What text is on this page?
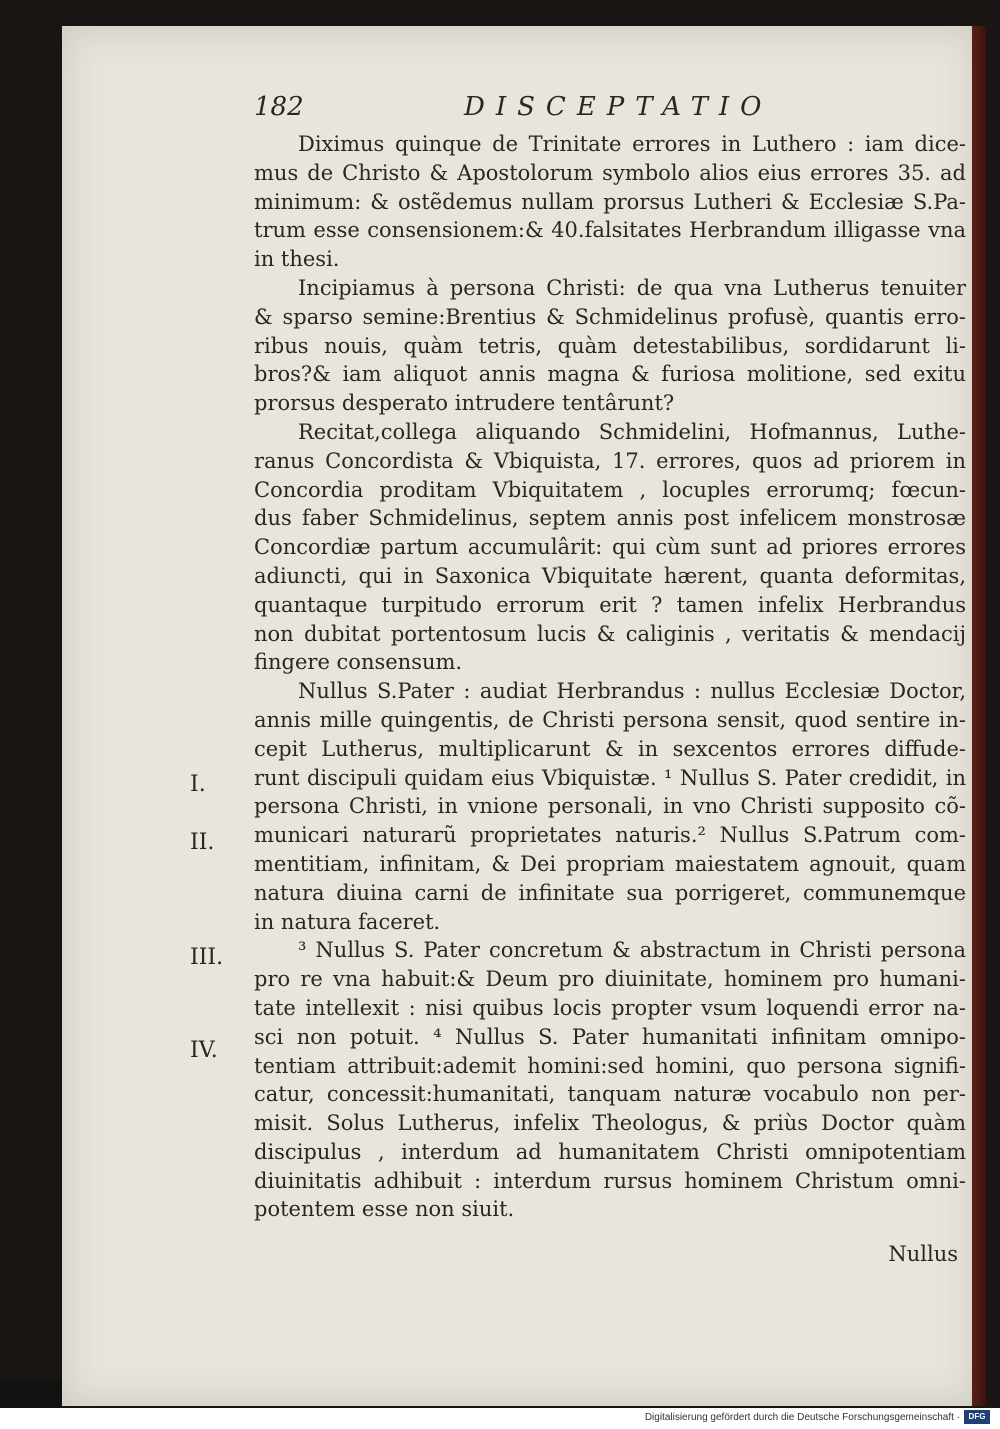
182	DISCEPTATIO
Diximus quinque de Trinitate errores in Luthero : iam dice-
mus de Christo & Apostolorum symbolo alios eius errores 35. ad
minimum: & ostẽdemus nullam prorsus Lutheri & Ecclesiæ S.Pa-
trum esse consensionem:& 40.falsitates Herbrandum illigasse vna
in thesi.
Incipiamus à persona Christi: de qua vna Lutherus tenuiter
& sparso semine:Brentius & Schmidelinus profusè, quantis erro-
ribus nouis, quàm tetris, quàm detestabilibus, sordidarunt li-
bros?& iam aliquot annis magna & furiosa molitione, sed exitu
prorsus desperato intrudere tentârunt?
Recitat,collega aliquando Schmidelini, Hofmannus, Luthe-
ranus Concordista & Vbiquista, 17. errores, quos ad priorem in
Concordia proditam Vbiquitatem , locuples errorumq; fœcun-
dus faber Schmidelinus, septem annis post infelicem monstrosæ
Concordiæ partum accumulârit: qui cùm sunt ad priores errores
adiuncti, qui in Saxonica Vbiquitate hærent, quanta deformitas,
quantaque turpitudo errorum erit ? tamen infelix Herbrandus
non dubitat portentosum lucis & caliginis , veritatis & mendacij
fingere consensum.
Nullus S.Pater : audiat Herbrandus : nullus Ecclesiæ Doctor,
annis mille quingentis, de Christi persona sensit, quod sentire in-
cepit Lutherus, multiplicarunt & in sexcentos errores diffude-
runt discipuli quidam eius Vbiquistæ. ¹ Nullus S. Pater credidit, in
persona Christi, in vnione personali, in vno Christi supposito cõ-
municari naturarũ proprietates naturis.² Nullus S.Patrum com-
mentitiam, infinitam, & Dei propriam maiestatem agnouit, quam
natura diuina carni de infinitate sua porrigeret, communemque
in natura faceret.
³ Nullus S. Pater concretum & abstractum in Christi persona
pro re vna habuit:& Deum pro diuinitate, hominem pro humani-
tate intellexit : nisi quibus locis propter vsum loquendi error na-
sci non potuit. ⁴ Nullus S. Pater humanitati infinitam omnipo-
tentiam attribuit:ademit homini:sed homini, quo persona signifi-
catur, concessit:humanitati, tanquam naturæ vocabulo non per-
misit. Solus Lutherus, infelix Theologus, & priùs Doctor quàm
discipulus , interdum ad humanitatem Christi omnipotentiam
diuinitatis adhibuit : interdum rursus hominem Christum omni-
potentem esse non siuit.
I.
II.
III.
IV.
Nullus
Digitalisierung gefördert durch die Deutsche Forschungsgemeinschaft ·	DFG
